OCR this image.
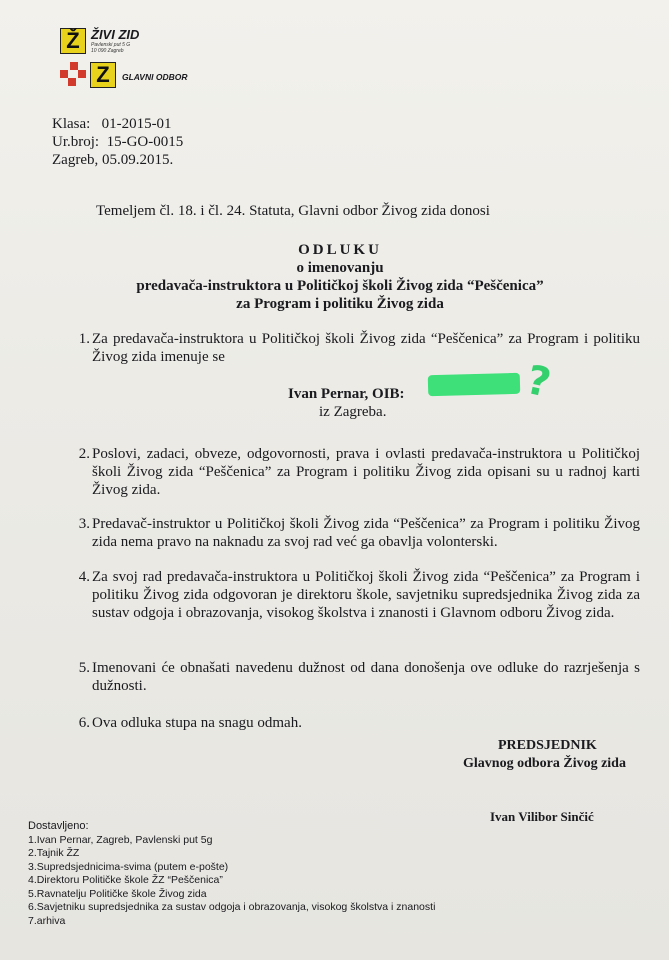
Ž
Z
ŽIVI ZID
Pavlenski put 5 G
10 090 Zagreb
GLAVNI ODBOR
Klasa:   01-2015-01
Ur.broj:  15-GO-0015
Zagreb, 05.09.2015.
Temeljem čl. 18. i čl. 24. Statuta, Glavni odbor Živog zida donosi
ODLUKU
o imenovanju
predavača-instruktora u Političkoj školi Živog zida “Peščenica”
za Program i politiku Živog zida
1. Za predavača-instruktora u Političkoj školi Živog zida “Peščenica” za Program i politiku Živog zida imenuje se
Ivan Pernar, OIB:	?
iz Zagreba.
2. Poslovi, zadaci, obveze, odgovornosti, prava i ovlasti predavača-instruktora u Političkoj školi Živog zida “Peščenica” za Program i politiku Živog zida opisani su u radnoj karti Živog zida.
3. Predavač-instruktor u Političkoj školi Živog zida “Peščenica” za Program i politiku Živog zida nema pravo na naknadu za svoj rad već ga obavlja volonterski.
4. Za svoj rad predavača-instruktora u Političkoj školi Živog zida “Peščenica” za Program i politiku Živog zida odgovoran je direktoru škole, savjetniku supredsjednika Živog zida za sustav odgoja i obrazovanja, visokog školstva i znanosti i Glavnom odboru Živog zida.
5. Imenovani će obnašati navedenu dužnost od dana donošenja ove odluke do razrješenja s dužnosti.
6. Ova odluka stupa na snagu odmah.
PREDSJEDNIK
Glavnog odbora Živog zida
Ivan Vilibor Sinčić
Dostavljeno:
1.Ivan Pernar, Zagreb, Pavlenski put 5g
2.Tajnik ŽZ
3.Supredsjednicima-svima (putem e-pošte)
4.Direktoru Političke škole ŽZ “Peščenica”
5.Ravnatelju Političke škole Živog zida
6.Savjetniku supredsjednika za sustav odgoja i obrazovanja, visokog školstva i znanosti
7.arhiva
